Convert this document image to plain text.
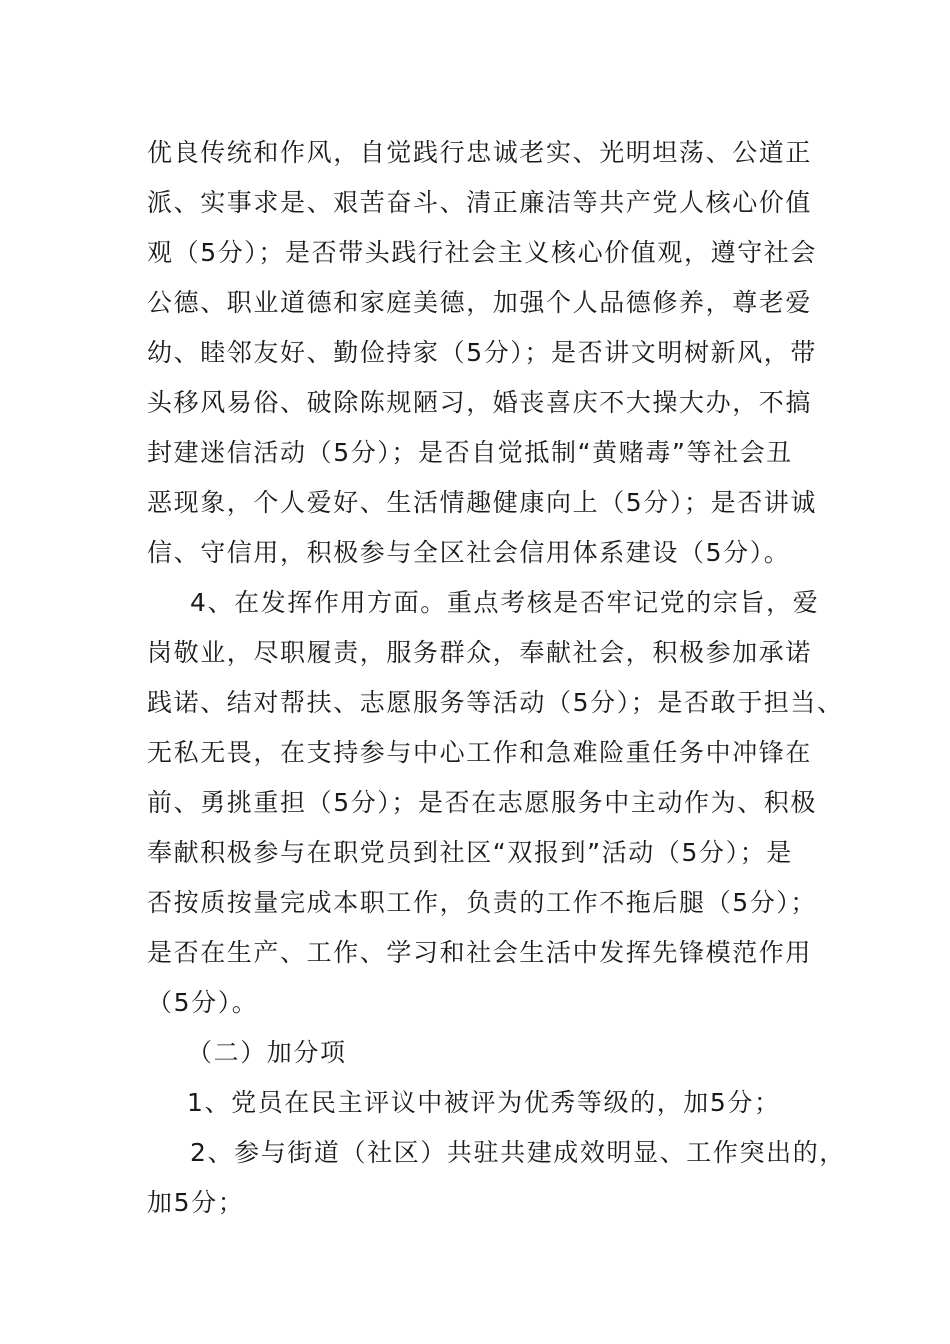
优良传统和作风，自觉践行忠诚老实、光明坦荡、公道正
派、实事求是、艰苦奋斗、清正廉洁等共产党人核心价值
观（5分）；是否带头践行社会主义核心价值观，遵守社会
公德、职业道德和家庭美德，加强个人品德修养，尊老爱
幼、睦邻友好、勤俭持家（5分）；是否讲文明树新风，带
头移风易俗、破除陈规陋习，婚丧喜庆不大操大办，不搞
封建迷信活动（5分）；是否自觉抵制“黄赌毒”等社会丑
恶现象，个人爱好、生活情趣健康向上（5分）；是否讲诚
信、守信用，积极参与全区社会信用体系建设（5分）。
4、在发挥作用方面。重点考核是否牢记党的宗旨，爱
岗敬业，尽职履责，服务群众，奉献社会，积极参加承诺
践诺、结对帮扶、志愿服务等活动（5分）；是否敢于担当、
无私无畏，在支持参与中心工作和急难险重任务中冲锋在
前、勇挑重担（5分）；是否在志愿服务中主动作为、积极
奉献积极参与在职党员到社区“双报到”活动（5分）；是
否按质按量完成本职工作，负责的工作不拖后腿（5分）；
是否在生产、工作、学习和社会生活中发挥先锋模范作用
（5分）。
（二）加分项
1、党员在民主评议中被评为优秀等级的，加5分；
2、参与街道（社区）共驻共建成效明显、工作突出的，
加5分；
